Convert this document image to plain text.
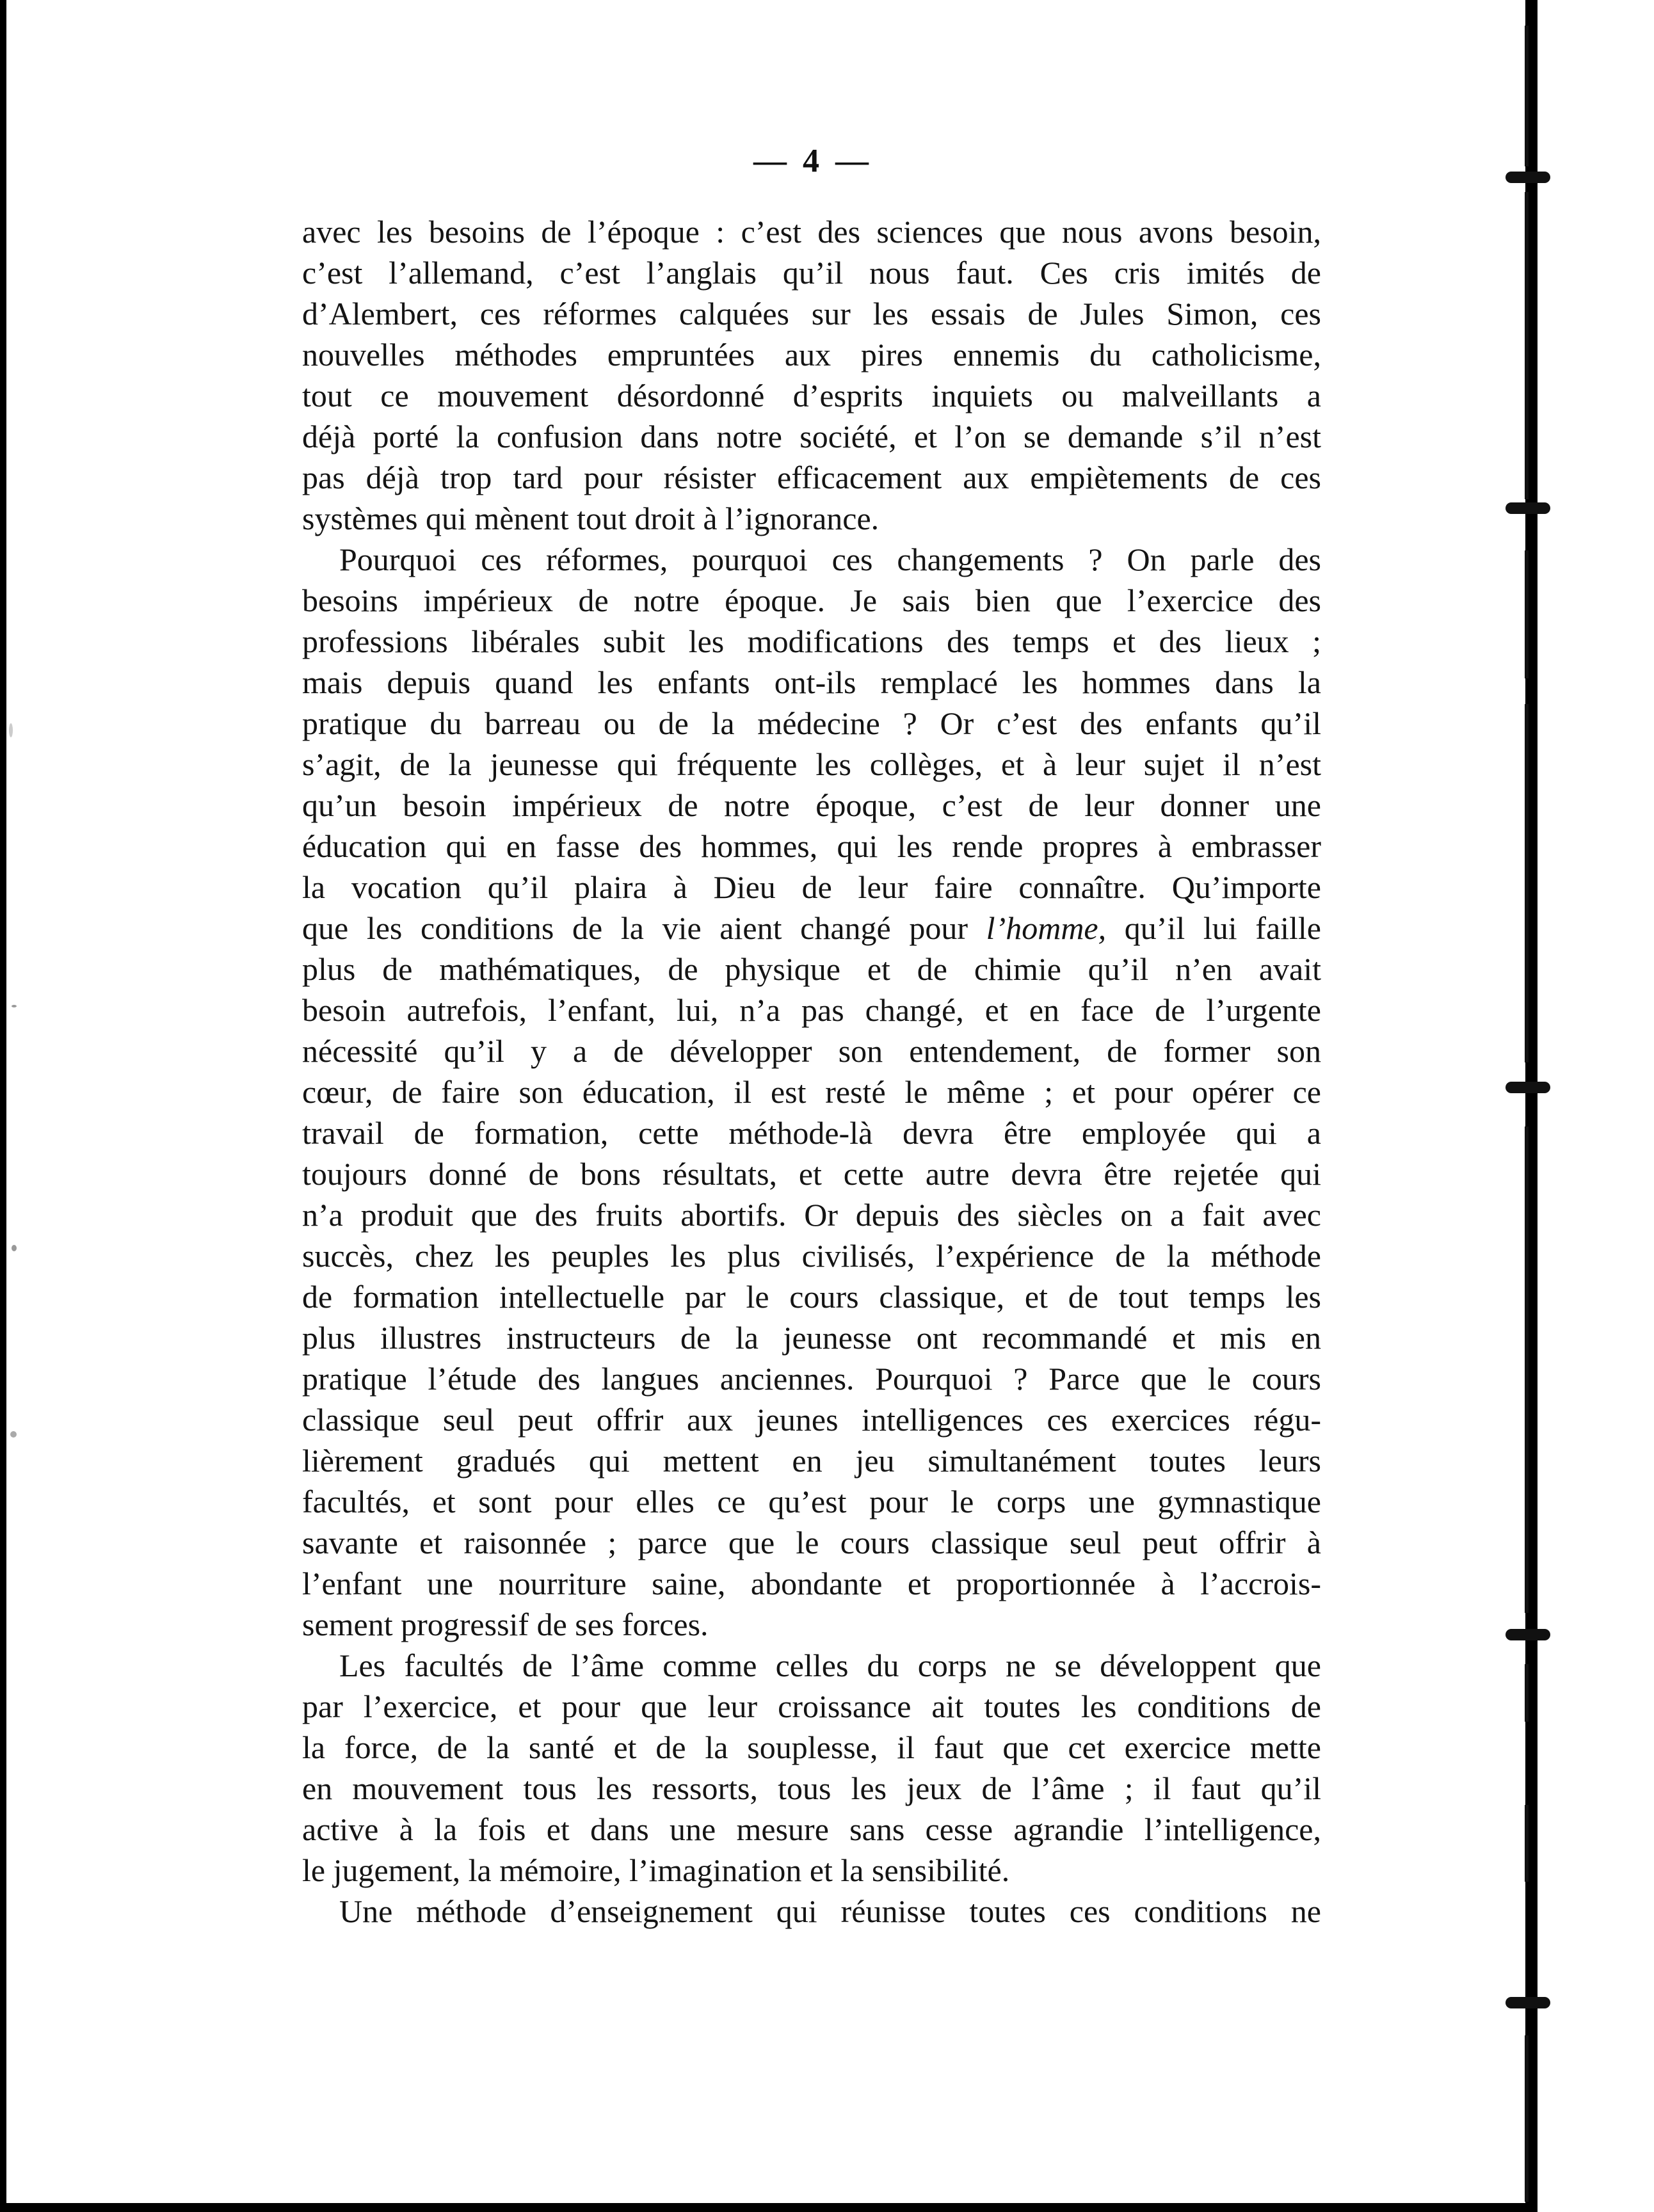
— 4 —

avec les besoins de l’époque : c’est des sciences que nous avons besoin,

c’est l’allemand, c’est l’anglais qu’il nous faut. Ces cris imités de

d’Alembert, ces réformes calquées sur les essais de Jules Simon, ces

nouvelles méthodes empruntées aux pires ennemis du catholicisme,

tout ce mouvement désordonné d’esprits inquiets ou malveillants a

déjà porté la confusion dans notre société, et l’on se demande s’il n’est

pas déjà trop tard pour résister efficacement aux empiètements de ces

systèmes qui mènent tout droit à l’ignorance.

Pourquoi ces réformes, pourquoi ces changements ? On parle des

besoins impérieux de notre époque. Je sais bien que l’exercice des

professions libérales subit les modifications des temps et des lieux ;

mais depuis quand les enfants ont-ils remplacé les hommes dans la

pratique du barreau ou de la médecine ? Or c’est des enfants qu’il

s’agit, de la jeunesse qui fréquente les collèges, et à leur sujet il n’est

qu’un besoin impérieux de notre époque, c’est de leur donner une

éducation qui en fasse des hommes, qui les rende propres à embrasser

la vocation qu’il plaira à Dieu de leur faire connaître. Qu’importe

que les conditions de la vie aient changé pour l’homme, qu’il lui faille

plus de mathématiques, de physique et de chimie qu’il n’en avait

besoin autrefois, l’enfant, lui, n’a pas changé, et en face de l’urgente

nécessité qu’il y a de développer son entendement, de former son

cœur, de faire son éducation, il est resté le même ; et pour opérer ce

travail de formation, cette méthode-là devra être employée qui a

toujours donné de bons résultats, et cette autre devra être rejetée qui

n’a produit que des fruits abortifs. Or depuis des siècles on a fait avec

succès, chez les peuples les plus civilisés, l’expérience de la méthode

de formation intellectuelle par le cours classique, et de tout temps les

plus illustres instructeurs de la jeunesse ont recommandé et mis en

pratique l’étude des langues anciennes. Pourquoi ? Parce que le cours

classique seul peut offrir aux jeunes intelligences ces exercices régu-

lièrement gradués qui mettent en jeu simultanément toutes leurs

facultés, et sont pour elles ce qu’est pour le corps une gymnastique

savante et raisonnée ; parce que le cours classique seul peut offrir à

l’enfant une nourriture saine, abondante et proportionnée à l’accrois-

sement progressif de ses forces.

Les facultés de l’âme comme celles du corps ne se développent que

par l’exercice, et pour que leur croissance ait toutes les conditions de

la force, de la santé et de la souplesse, il faut que cet exercice mette

en mouvement tous les ressorts, tous les jeux de l’âme ; il faut qu’il

active à la fois et dans une mesure sans cesse agrandie l’intelligence,

le jugement, la mémoire, l’imagination et la sensibilité.

Une méthode d’enseignement qui réunisse toutes ces conditions ne
